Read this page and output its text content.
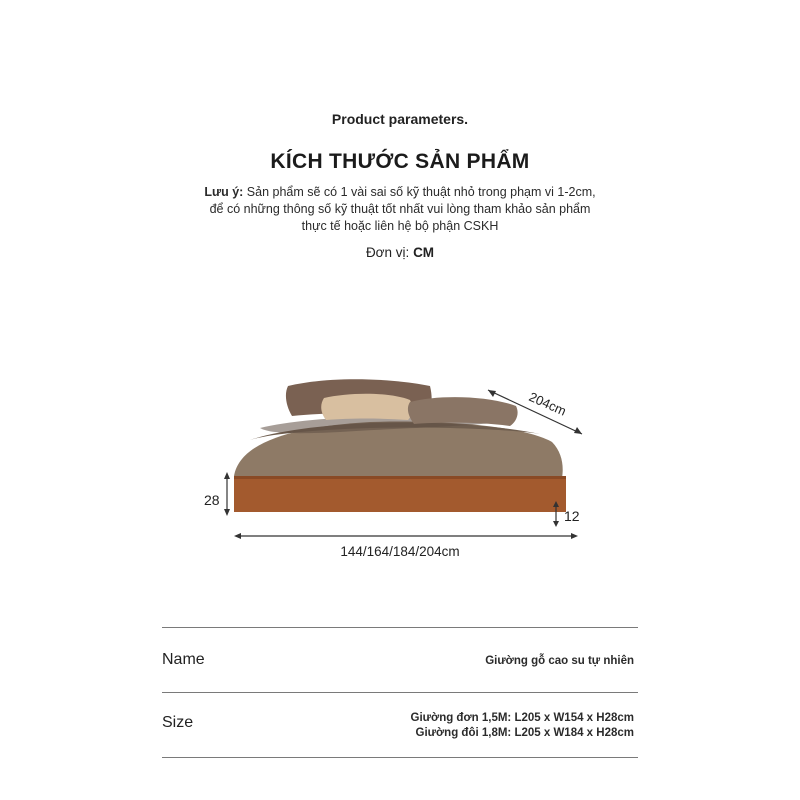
Product parameters.
KÍCH THƯỚC SẢN PHẨM
Lưu ý: Sản phẩm sẽ có 1 vài sai số kỹ thuật nhỏ trong phạm vi 1-2cm,
để có những thông số kỹ thuật tốt nhất vui lòng tham khảo sản phẩm
thực tế hoặc liên hệ bộ phận CSKH
Đơn vị: CM
204cm
28
12
144/164/184/204cm
Name	Giường gỗ cao su tự nhiên
Size	Giường đơn 1,5M: L205 x W154 x H28cm
Giường đôi 1,8M: L205 x W184 x H28cm
